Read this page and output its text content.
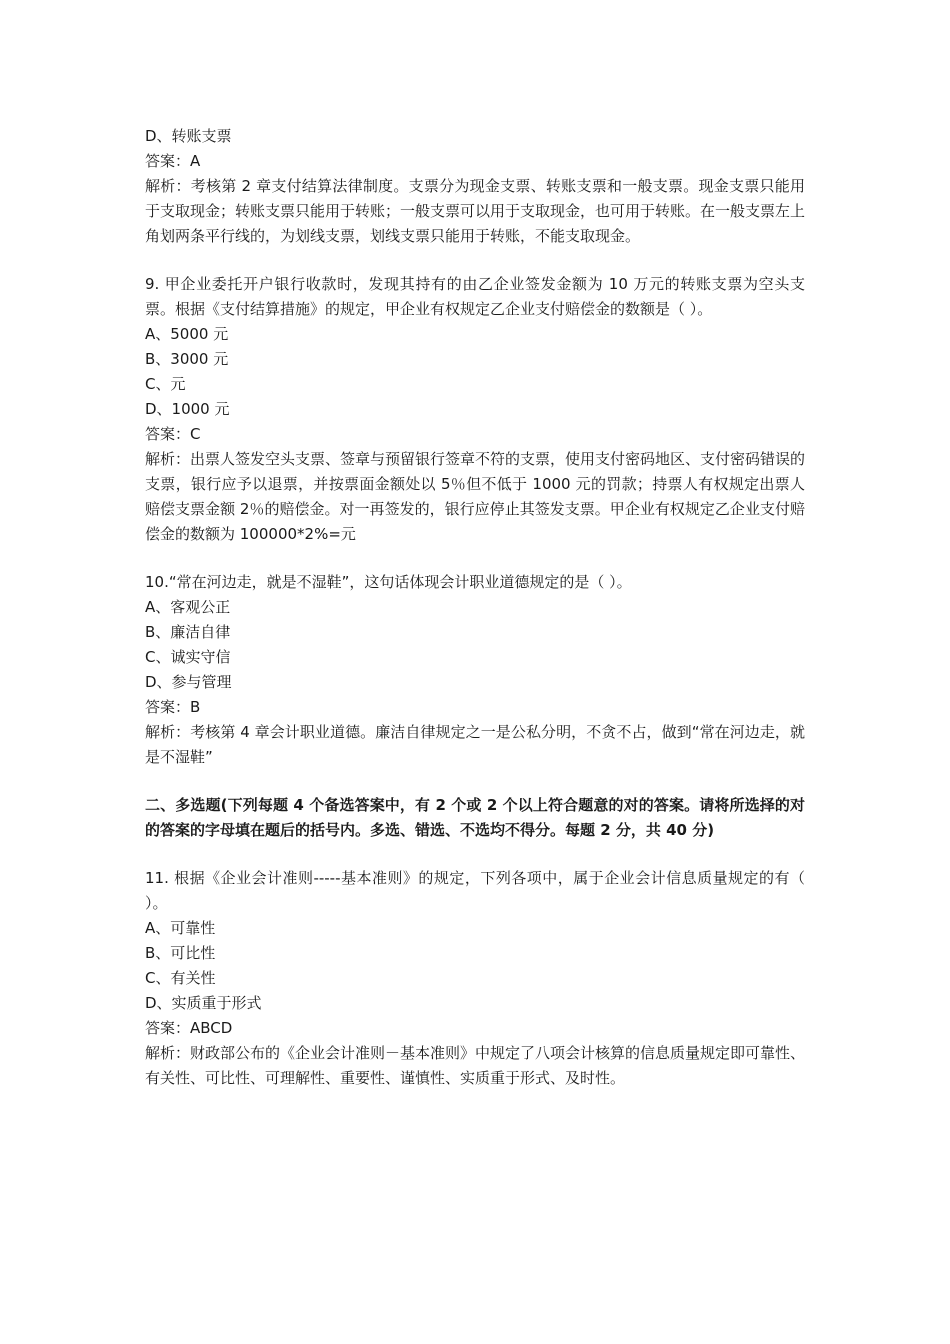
D、转账支票
答案：A
解析：考核第 2 章支付结算法律制度。支票分为现金支票、转账支票和一般支票。现金支票只能用于支取现金；转账支票只能用于转账；一般支票可以用于支取现金，也可用于转账。在一般支票左上角划两条平行线的，为划线支票，划线支票只能用于转账，不能支取现金。
9. 甲企业委托开户银行收款时，发现其持有的由乙企业签发金额为 10 万元的转账支票为空头支票。根据《支付结算措施》的规定，甲企业有权规定乙企业支付赔偿金的数额是（ ）。
A、5000 元
B、3000 元
C、元
D、1000 元
答案：C
解析：出票人签发空头支票、签章与预留银行签章不符的支票，使用支付密码地区、支付密码错误的支票，银行应予以退票，并按票面金额处以 5％但不低于 1000 元的罚款；持票人有权规定出票人赔偿支票金额 2％的赔偿金。对一再签发的，银行应停止其签发支票。甲企业有权规定乙企业支付赔偿金的数额为 100000*2%=元
10.“常在河边走，就是不湿鞋”，这句话体现会计职业道德规定的是（ ）。
A、客观公正
B、廉洁自律
C、诚实守信
D、参与管理
答案：B
解析：考核第 4 章会计职业道德。廉洁自律规定之一是公私分明，不贪不占，做到“常在河边走，就是不湿鞋”
二、多选题(下列每题 4 个备选答案中，有 2 个或 2 个以上符合题意的对的答案。请将所选择的对的答案的字母填在题后的括号内。多选、错选、不选均不得分。每题 2 分，共 40 分)
11. 根据《企业会计准则-----基本准则》的规定，下列各项中，属于企业会计信息质量规定的有（ ）。
A、可靠性
B、可比性
C、有关性
D、实质重于形式
答案：ABCD
解析：财政部公布的《企业会计准则－基本准则》中规定了八项会计核算的信息质量规定即可靠性、有关性、可比性、可理解性、重要性、谨慎性、实质重于形式、及时性。
